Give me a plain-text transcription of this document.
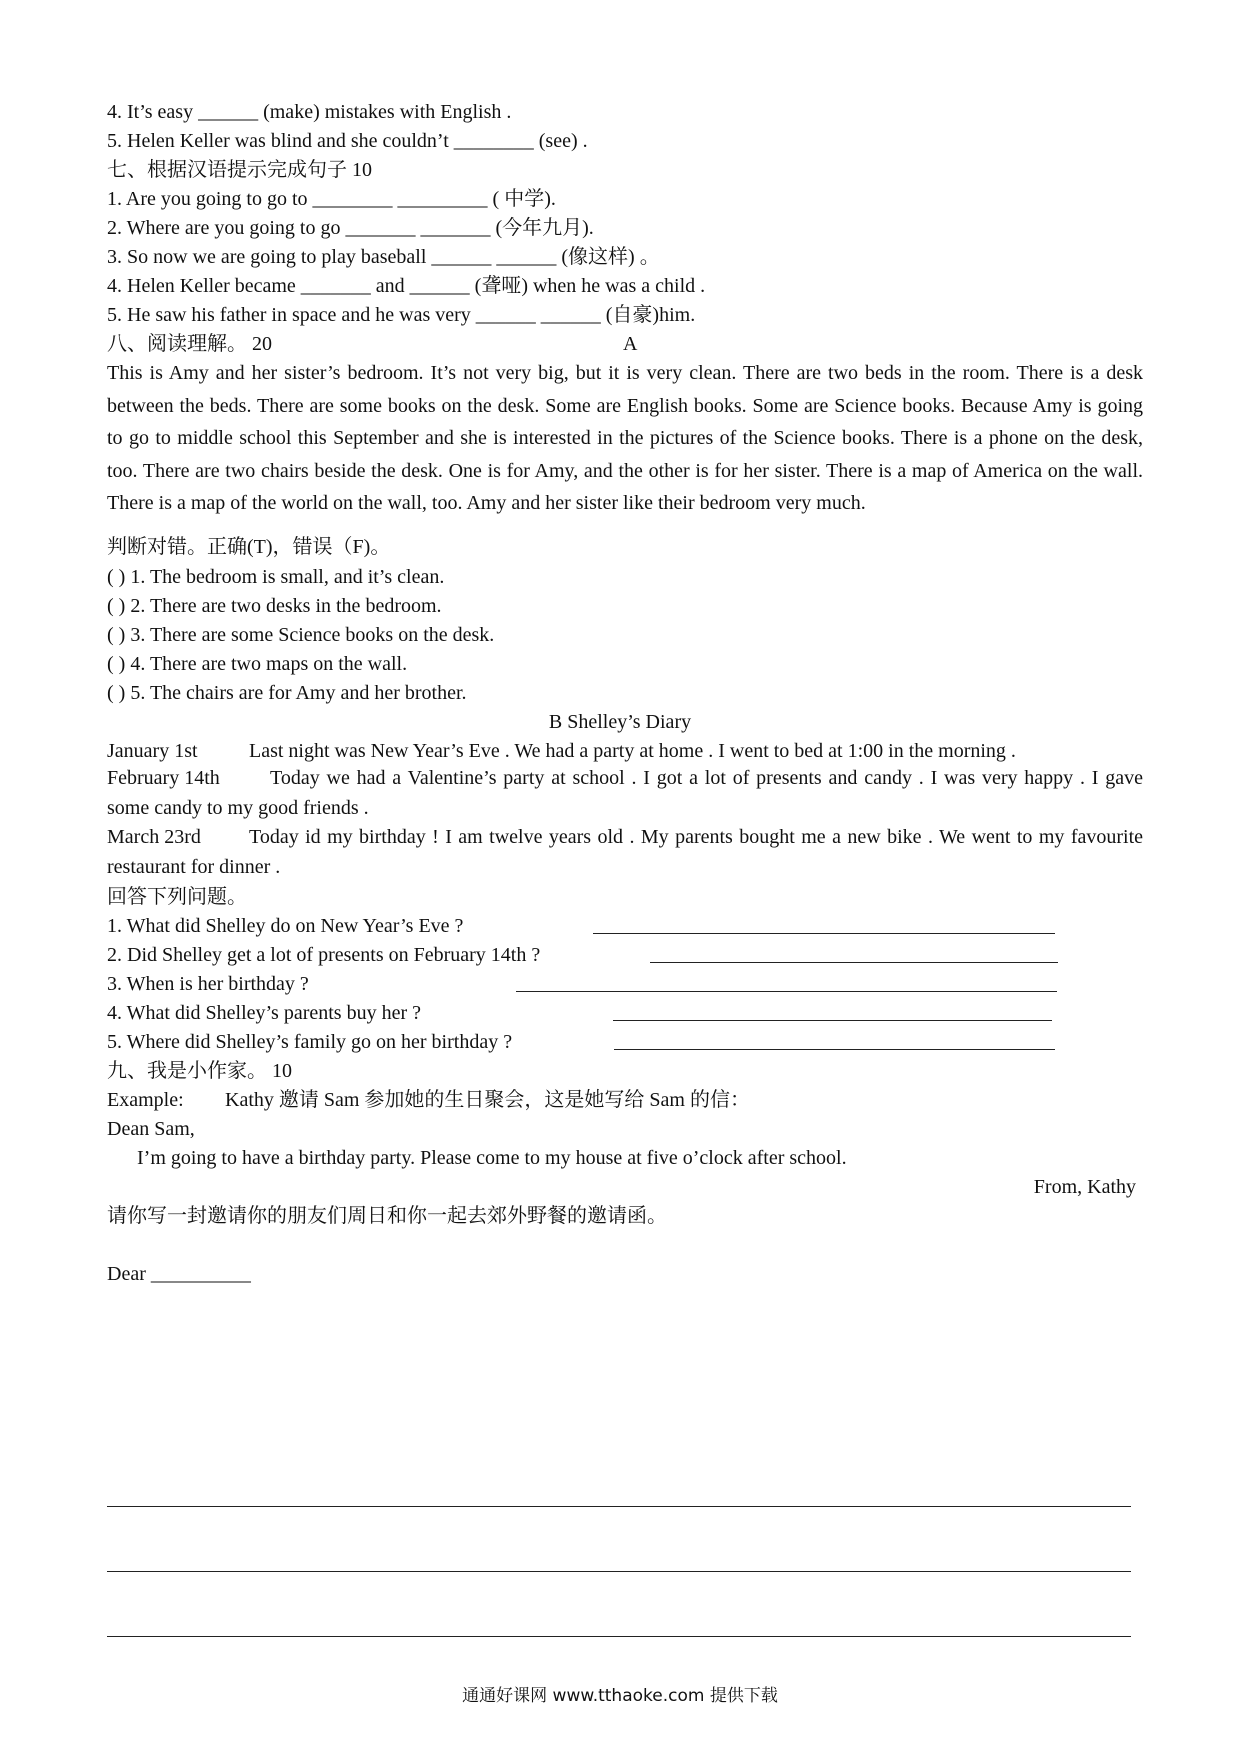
4. It’s easy ______ (make) mistakes with English .
5. Helen Keller was blind and she couldn’t ________ (see) .
七、根据汉语提示完成句子 10
1. Are you going to go to ________ _________ ( 中学).
2. Where are you going to go _______ _______ (今年九月).
3. So now we are going to play baseball ______ ______ (像这样) 。
4. Helen Keller became _______ and ______ (聋哑) when he was a child .
5. He saw his father in space and he was very ______ ______ (自豪)him.
八、阅读理解。 20	A
This is Amy and her sister’s bedroom. It’s not very big, but it is very clean. There are two beds in the room. There is a desk between the beds. There are some books on the desk. Some are English books. Some are Science books. Because Amy is going to go to middle school this September and she is interested in the pictures of the Science books. There is a phone on the desk, too. There are two chairs beside the desk. One is for Amy, and the other is for her sister. There is a map of America on the wall. There is a map of the world on the wall, too. Amy and her sister like their bedroom very much.
判断对错。正确(T)，错误（F)。
( ) 1. The bedroom is small, and it’s clean.
( ) 2. There are two desks in the bedroom.
( ) 3. There are some Science books on the desk.
( ) 4. There are two maps on the wall.
( ) 5. The chairs are for Amy and her brother.
B Shelley’s Diary
January 1st	Last night was New Year’s Eve . We had a party at home . I went to bed at 1:00 in the morning .
February 14th	Today we had a Valentine’s party at school . I got a lot of presents and candy . I was very happy . I gave some candy to my good friends .
March 23rd Today id my birthday ! I am twelve years old . My parents bought me a new bike . We went to my favourite restaurant for dinner .
回答下列问题。
1. What did Shelley do on New Year’s Eve ?
2. Did Shelley get a lot of presents on February 14th ?
3. When is her birthday ?
4. What did Shelley’s parents buy her ?
5. Where did Shelley’s family go on her birthday ?
九、我是小作家。 10
Example: Kathy 邀请 Sam 参加她的生日聚会，这是她写给 Sam 的信：
Dean Sam,
I’m going to have a birthday party. Please come to my house at five o’clock after school.
From, Kathy
请你写一封邀请你的朋友们周日和你一起去郊外野餐的邀请函。
Dear __________
通通好课网 www.tthaoke.com 提供下载
